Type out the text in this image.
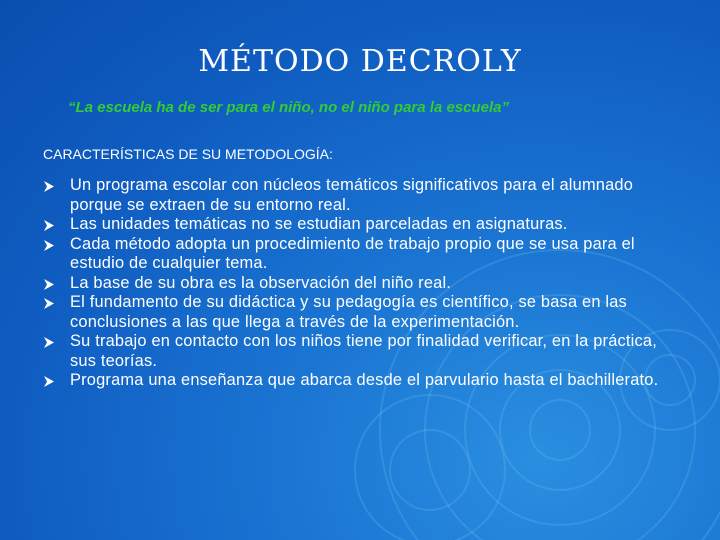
MÉTODO DECROLY

“La escuela ha de ser para el niño, no el niño para la escuela”

CARACTERÍSTICAS DE SU METODOLOGÍA:

Un programa escolar con núcleos temáticos significativos para el alumnado porque se extraen de su entorno real.
Las unidades temáticas no se estudian parceladas en asignaturas.
Cada método adopta un procedimiento de trabajo propio que se usa para el estudio de cualquier tema.
La base de su obra es la observación del niño real.
El fundamento de su didáctica y su pedagogía es científico, se basa en las conclusiones a las que llega a través de la experimentación.
Su trabajo en contacto con los niños tiene por finalidad verificar, en la práctica, sus teorías.
Programa una enseñanza que abarca desde el parvulario hasta el bachillerato.
